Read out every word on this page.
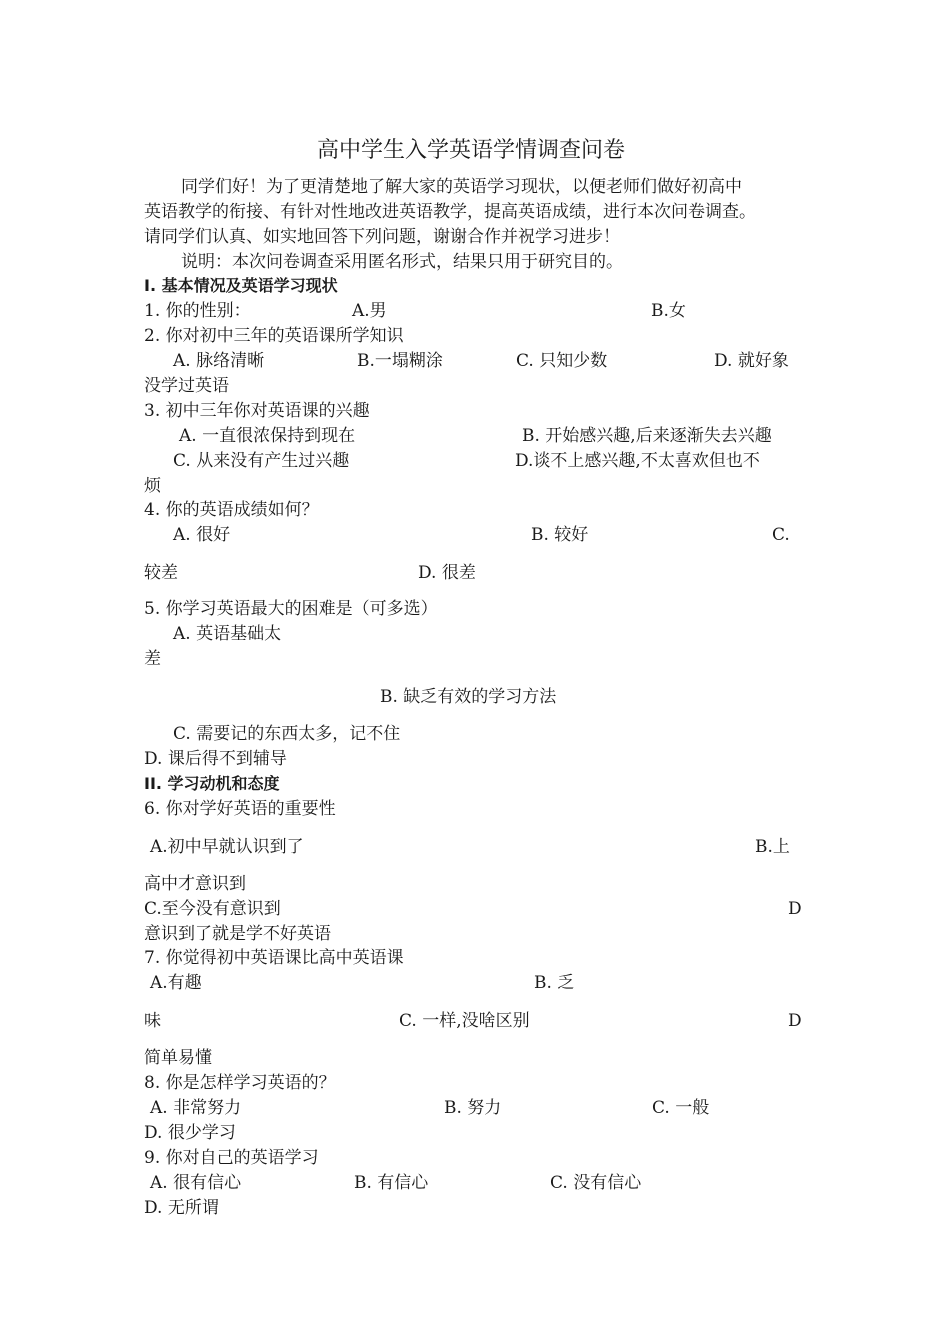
高中学生入学英语学情调查问卷
同学们好！为了更清楚地了解大家的英语学习现状，以便老师们做好初高中
英语教学的衔接、有针对性地改进英语教学，提高英语成绩，进行本次问卷调查。
请同学们认真、如实地回答下列问题，谢谢合作并祝学习进步！
说明：本次问卷调查采用匿名形式，结果只用于研究目的。
I. 基本情况及英语学习现状
1. 你的性别：	A.男	B.女
2. 你对初中三年的英语课所学知识
A. 脉络清晰	B.一塌糊涂	C. 只知少数	D. 就好象
没学过英语
3. 初中三年你对英语课的兴趣
A. 一直很浓保持到现在	B. 开始感兴趣,后来逐渐失去兴趣
C. 从来没有产生过兴趣	D.谈不上感兴趣,不太喜欢但也不
烦
4. 你的英语成绩如何？
A. 很好	B. 较好	C.
较差	D. 很差
5. 你学习英语最大的困难是（可多选）
A. 英语基础太
差
B. 缺乏有效的学习方法
C. 需要记的东西太多，记不住
D. 课后得不到辅导
II. 学习动机和态度
6. 你对学好英语的重要性
A.初中早就认识到了	B.上
高中才意识到
C.至今没有意识到	D
意识到了就是学不好英语
7. 你觉得初中英语课比高中英语课
A.有趣	B. 乏
味	C. 一样,没啥区别	D
简单易懂
8. 你是怎样学习英语的？
A. 非常努力	B. 努力	C. 一般
D. 很少学习
9. 你对自己的英语学习
A. 很有信心	B. 有信心	C. 没有信心
D. 无所谓
